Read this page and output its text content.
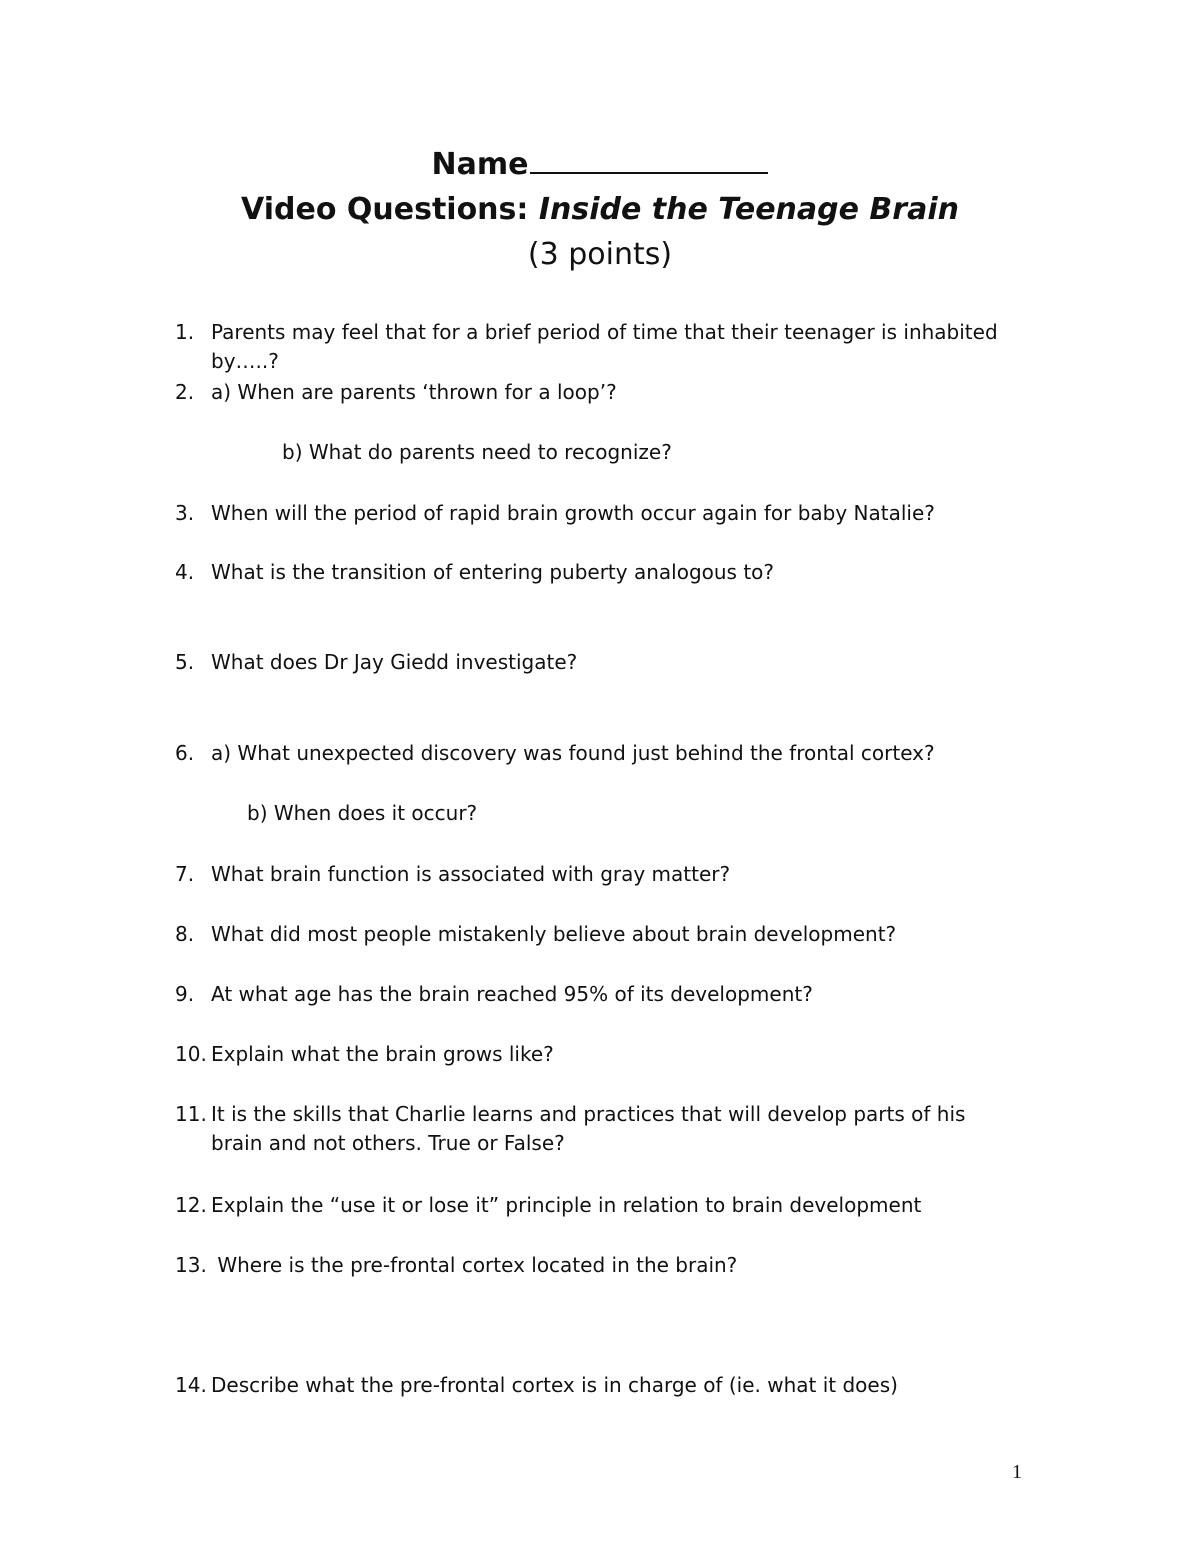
Name
Video Questions: Inside the Teenage Brain
(3 points)
1. Parents may feel that for a brief period of time that their teenager is inhabited
by…..?
2. a) When are parents ‘thrown for a loop’?
b) What do parents need to recognize?
3. When will the period of rapid brain growth occur again for baby Natalie?
4. What is the transition of entering puberty analogous to?
5. What does Dr Jay Giedd investigate?
6. a) What unexpected discovery was found just behind the frontal cortex?
b) When does it occur?
7. What brain function is associated with gray matter?
8. What did most people mistakenly believe about brain development?
9. At what age has the brain reached 95% of its development?
10. Explain what the brain grows like?
11. It is the skills that Charlie learns and practices that will develop parts of his
brain and not others. True or False?
12. Explain the “use it or lose it” principle in relation to brain development
13. Where is the pre-frontal cortex located in the brain?
14. Describe what the pre-frontal cortex is in charge of (ie. what it does)
1
